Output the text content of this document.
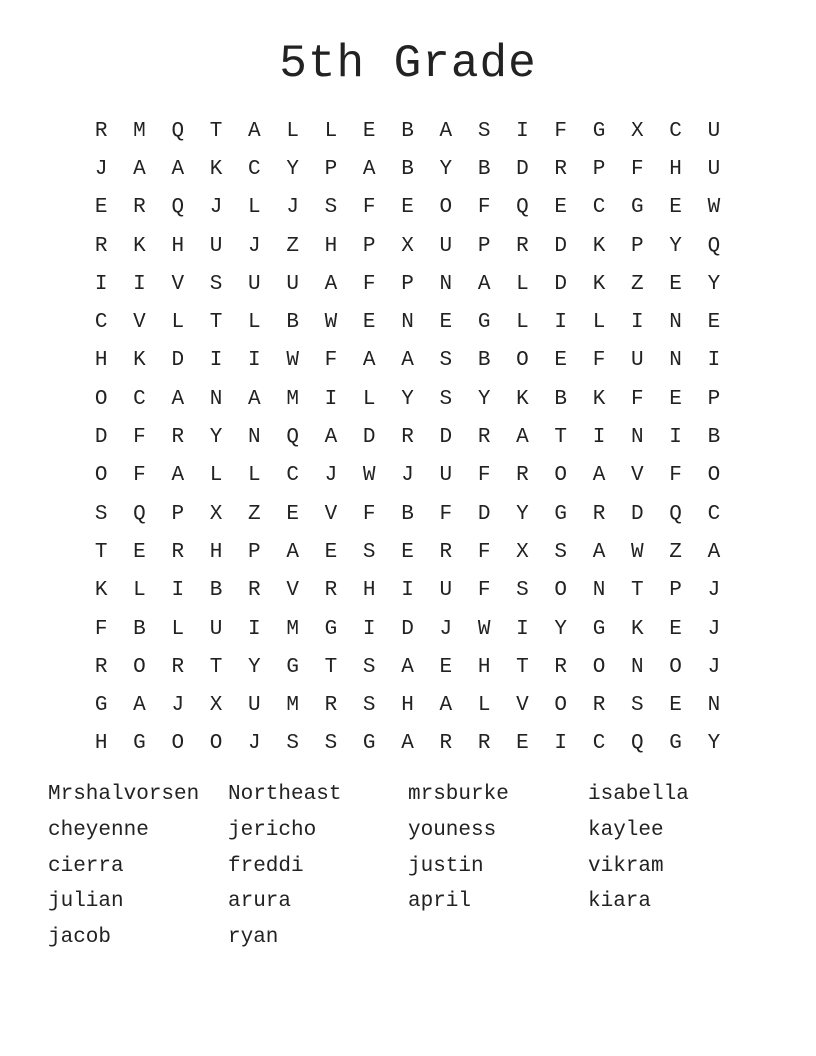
5th Grade
R	M	Q	T	A	L	L	E	B	A	S	I	F	G	X	C	U
J	A	A	K	C	Y	P	A	B	Y	B	D	R	P	F	H	U
E	R	Q	J	L	J	S	F	E	O	F	Q	E	C	G	E	W
R	K	H	U	J	Z	H	P	X	U	P	R	D	K	P	Y	Q
I	I	V	S	U	U	A	F	P	N	A	L	D	K	Z	E	Y
C	V	L	T	L	B	W	E	N	E	G	L	I	L	I	N	E
H	K	D	I	I	W	F	A	A	S	B	O	E	F	U	N	I
O	C	A	N	A	M	I	L	Y	S	Y	K	B	K	F	E	P
D	F	R	Y	N	Q	A	D	R	D	R	A	T	I	N	I	B
O	F	A	L	L	C	J	W	J	U	F	R	O	A	V	F	O
S	Q	P	X	Z	E	V	F	B	F	D	Y	G	R	D	Q	C
T	E	R	H	P	A	E	S	E	R	F	X	S	A	W	Z	A
K	L	I	B	R	V	R	H	I	U	F	S	O	N	T	P	J
F	B	L	U	I	M	G	I	D	J	W	I	Y	G	K	E	J
R	O	R	T	Y	G	T	S	A	E	H	T	R	O	N	O	J
G	A	J	X	U	M	R	S	H	A	L	V	O	R	S	E	N
H	G	O	O	J	S	S	G	A	R	R	E	I	C	Q	G	Y
Mrshalvorsen	Northeast	mrsburke	isabella
cheyenne	jericho	youness	kaylee
cierra	freddi	justin	vikram
julian	arura	april	kiara
jacob	ryan
